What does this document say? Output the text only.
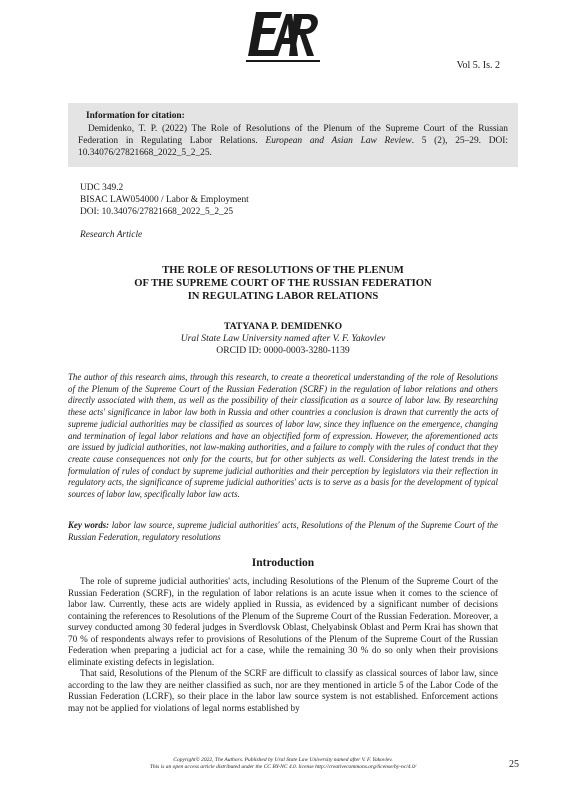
Vol 5. Is. 2
Information for citation:
Demidenko, T. P. (2022) The Role of Resolutions of the Plenum of the Supreme Court of the Russian Federation in Regulating Labor Relations. European and Asian Law Review. 5 (2), 25–29. DOI: 10.34076/27821668_2022_5_2_25.
UDC 349.2
BISAC LAW054000 / Labor & Employment
DOI: 10.34076/27821668_2022_5_2_25
Research Article
THE ROLE OF RESOLUTIONS OF THE PLENUM
OF THE SUPREME COURT OF THE RUSSIAN FEDERATION
IN REGULATING LABOR RELATIONS
TATYANA P. DEMIDENKO
Ural State Law University named after V. F. Yakovlev
ORCID ID: 0000-0003-3280-1139
The author of this research aims, through this research, to create a theoretical understanding of the role of Resolutions of the Plenum of the Supreme Court of the Russian Federation (SCRF) in the regulation of labor relations and others directly associated with them, as well as the possibility of their classification as a source of labor law. By researching these acts' significance in labor law both in Russia and other countries a conclusion is drawn that currently the acts of supreme judicial authorities may be classified as sources of labor law, since they influence on the emergence, changing and termination of legal labor relations and have an objectified form of expression. However, the aforementioned acts are issued by judicial authorities, not law-making authorities, and a failure to comply with the rules of conduct that they create cause consequences not only for the courts, but for other subjects as well. Considering the latest trends in the formulation of rules of conduct by supreme judicial authorities and their perception by legislators via their reflection in regulatory acts, the significance of supreme judicial authorities' acts is to serve as a basis for the development of typical sources of labor law, specifically labor law acts.
Key words: labor law source, supreme judicial authorities' acts, Resolutions of the Plenum of the Supreme Court of the Russian Federation, regulatory resolutions
Introduction

The role of supreme judicial authorities' acts, including Resolutions of the Plenum of the Supreme Court of the Russian Federation (SCRF), in the regulation of labor relations is an acute issue when it comes to the science of labor law. Currently, these acts are widely applied in Russia, as evidenced by a significant number of decisions containing the references to Resolutions of the Plenum of the Supreme Court of the Russian Federation. Moreover, a survey conducted among 30 federal judges in Sverdlovsk Oblast, Chelyabinsk Oblast and Perm Krai has shown that 70 % of respondents always refer to provisions of Resolutions of the Plenum of the Supreme Court of the Russian Federation when preparing a judicial act for a case, while the remaining 30 % do so only when their provisions eliminate existing defects in legislation.

That said, Resolutions of the Plenum of the SCRF are difficult to classify as classical sources of labor law, since according to the law they are neither classified as such, nor are they mentioned in article 5 of the Labor Code of the Russian Federation (LCRF), so their place in the labor law source system is not established. Enforcement actions may not be applied for violations of legal norms established by

Copyright© 2022, The Authors. Published by Ural State Law University named after V. F. Yakovlev.
This is an open access article distributed under the CC BY-NC 4.0. license http://creativecommons.org/license/by-nc/4.0/	25
